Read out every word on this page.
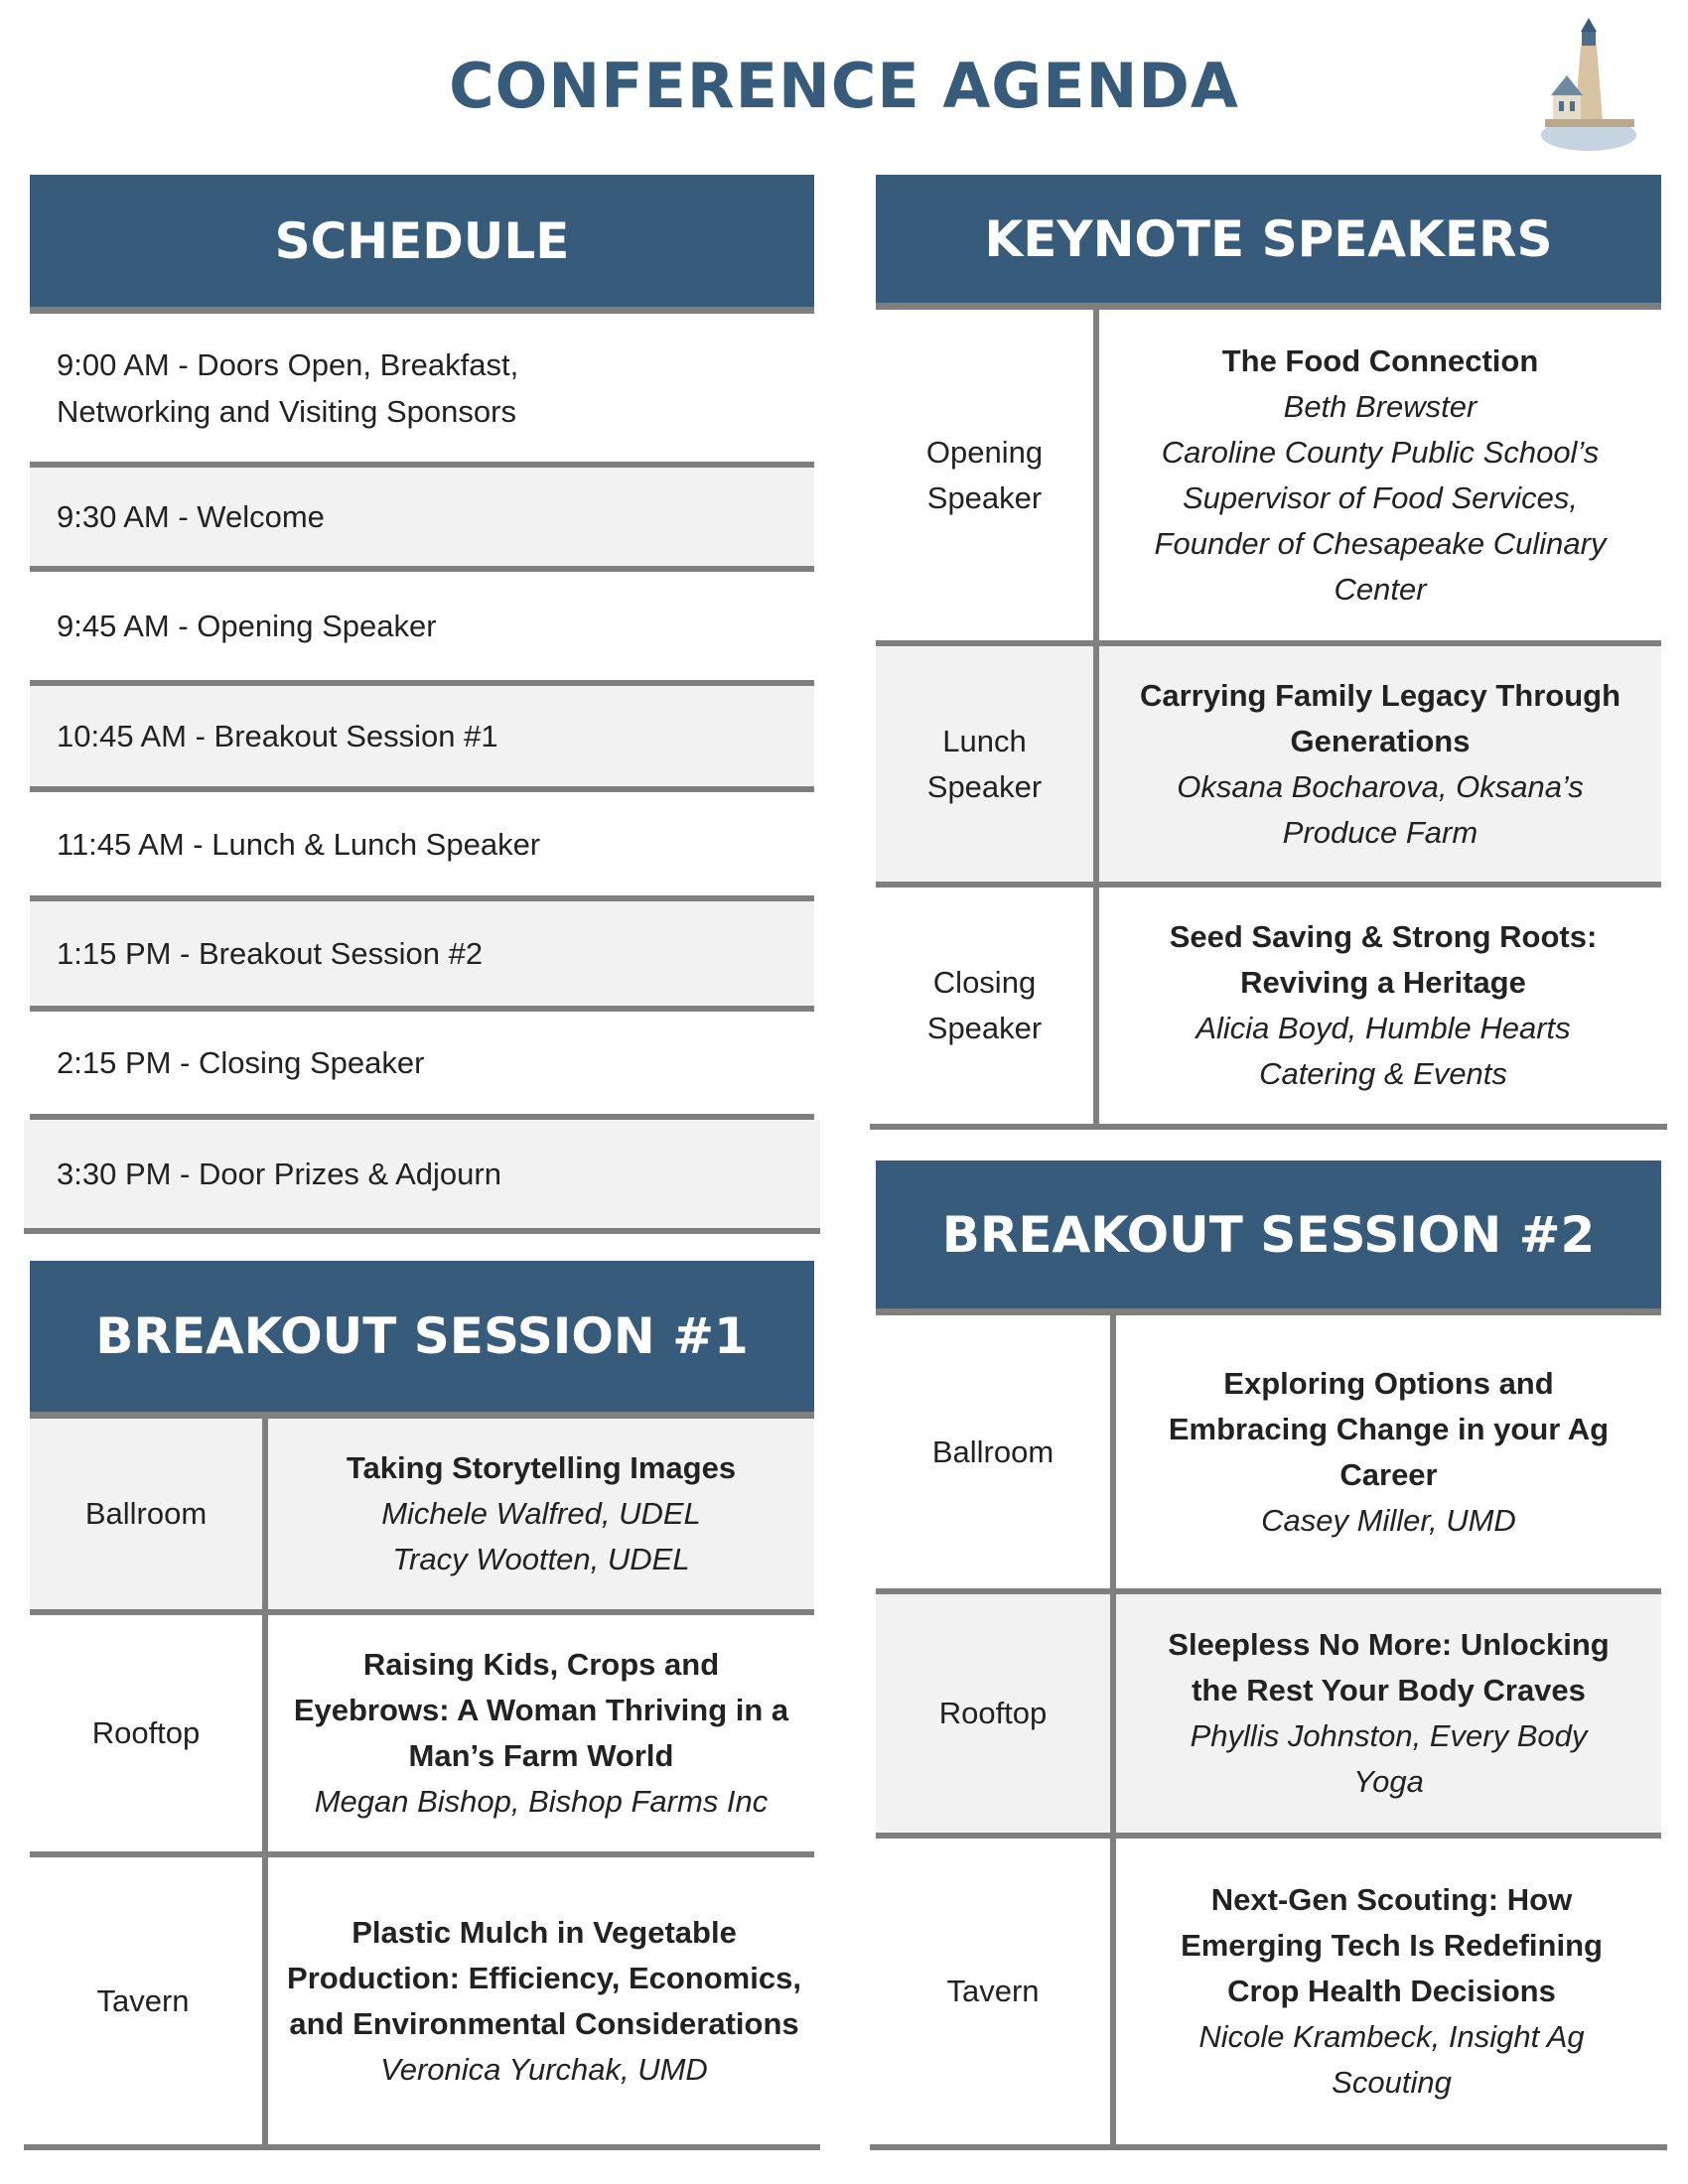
CONFERENCE AGENDA
SCHEDULE
9:00 AM - Doors Open, Breakfast,
Networking and Visiting Sponsors
9:30 AM - Welcome
9:45 AM - Opening Speaker
10:45 AM - Breakout Session #1
11:45 AM - Lunch & Lunch Speaker
1:15 PM - Breakout Session #2
2:15 PM - Closing Speaker
3:30 PM - Door Prizes & Adjourn
BREAKOUT SESSION #1
Ballroom
Taking Storytelling Images
Michele Walfred, UDEL
Tracy Wootten, UDEL
Rooftop
Raising Kids, Crops and Eyebrows: A Woman Thriving in a Man’s Farm World
Megan Bishop, Bishop Farms Inc
Tavern
Plastic Mulch in Vegetable Production: Efficiency, Economics, and Environmental Considerations
Veronica Yurchak, UMD
KEYNOTE SPEAKERS
Opening
Speaker
The Food Connection
Beth Brewster
Caroline County Public School’s
Supervisor of Food Services,
Founder of Chesapeake Culinary
Center
Lunch
Speaker
Carrying Family Legacy Through Generations
Oksana Bocharova, Oksana’s Produce Farm
Closing
Speaker
Seed Saving & Strong Roots: Reviving a Heritage
Alicia Boyd, Humble Hearts Catering & Events
BREAKOUT SESSION #2
Ballroom
Exploring Options and Embracing Change in your Ag Career
Casey Miller, UMD
Rooftop
Sleepless No More: Unlocking the Rest Your Body Craves
Phyllis Johnston, Every Body Yoga
Tavern
Next-Gen Scouting: How Emerging Tech Is Redefining Crop Health Decisions
Nicole Krambeck, Insight Ag Scouting
